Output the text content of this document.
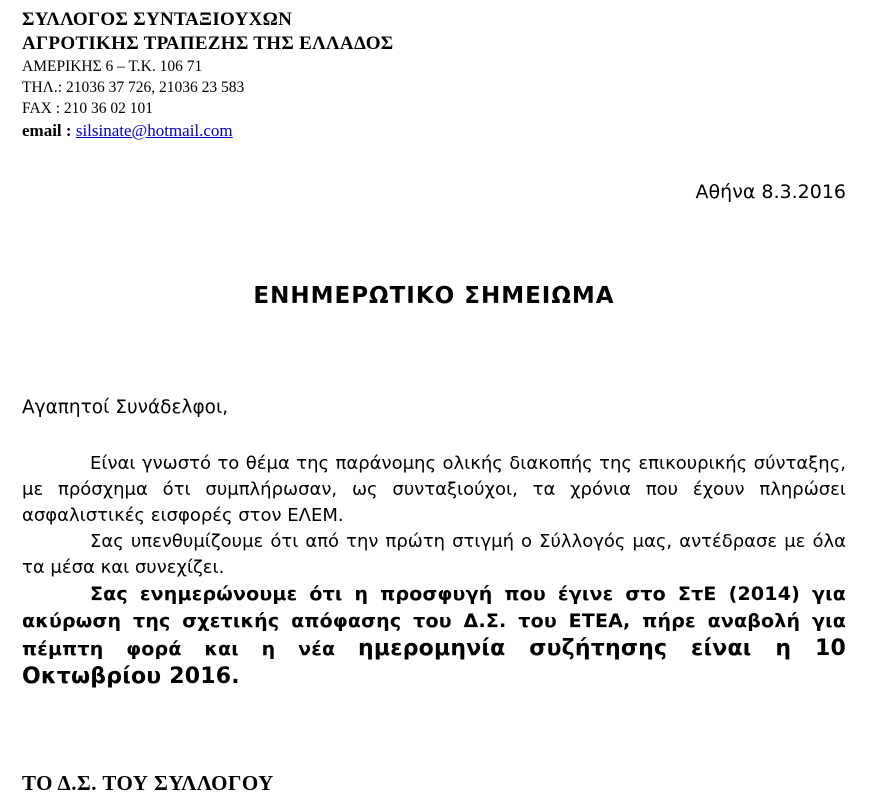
ΣΥΛΛΟΓΟΣ ΣΥΝΤΑΞΙΟΥΧΩΝ
ΑΓΡΟΤΙΚΗΣ ΤΡΑΠΕΖΗΣ ΤΗΣ ΕΛΛΑΔΟΣ
ΑΜΕΡΙΚΗΣ 6 – Τ.Κ. 106 71
ΤΗΛ.: 21036 37 726, 21036 23 583
FAX : 210 36 02 101
email : silsinate@hotmail.com
Αθήνα 8.3.2016
ΕΝΗΜΕΡΩΤΙΚΟ ΣΗΜΕΙΩΜΑ
Αγαπητοί Συνάδελφοι,

Είναι γνωστό το θέμα της παράνομης ολικής διακοπής της επικουρικής σύνταξης, με πρόσχημα ότι συμπλήρωσαν, ως συνταξιούχοι, τα χρόνια που έχουν πληρώσει ασφαλιστικές εισφορές στον ΕΛΕΜ.

Σας υπενθυμίζουμε ότι από την πρώτη στιγμή ο Σύλλογός μας, αντέδρασε με όλα τα μέσα και συνεχίζει.

Σας ενημερώνουμε ότι η προσφυγή που έγινε στο ΣτΕ (2014) για ακύρωση της σχετικής απόφασης του Δ.Σ. του ΕΤΕΑ, πήρε αναβολή για πέμπτη φορά και η νέα ημερομηνία συζήτησης είναι η 10 Οκτωβρίου 2016.

ΤΟ Δ.Σ. ΤΟΥ ΣΥΛΛΟΓΟΥ
